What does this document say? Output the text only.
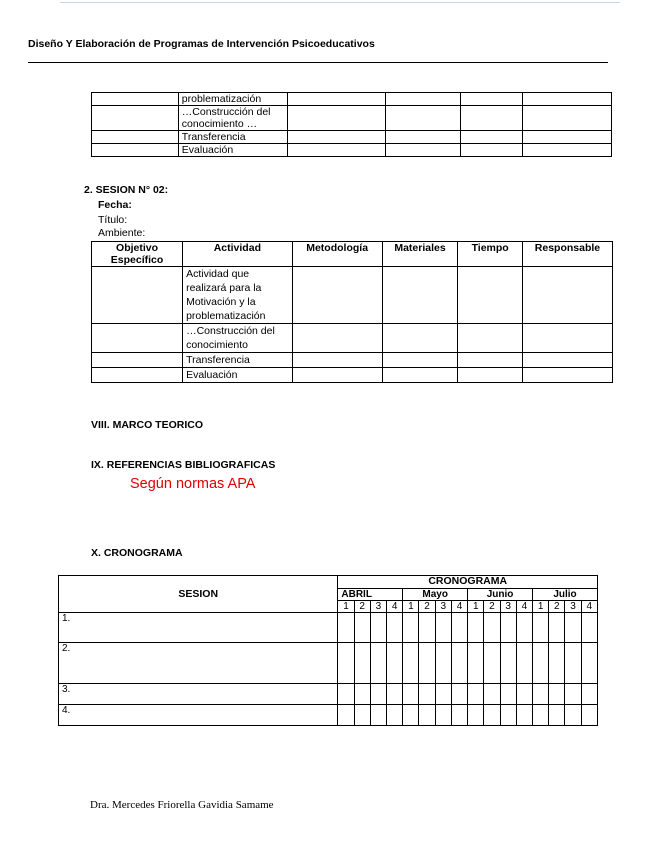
Diseño Y Elaboración de Programas de Intervención Psicoeducativos
	problematización				
	…Construcción del conocimiento …				
	Transferencia				
	Evaluación				
2. SESION N° 02:
Fecha:
Título:
Ambiente:
Objetivo Específico	Actividad	Metodología	Materiales	Tiempo	Responsable
	Actividad que realizará para la Motivación y la problematización				
	…Construcción del conocimiento				
	Transferencia				
	Evaluación				
VIII. MARCO TEORICO
IX. REFERENCIAS BIBLIOGRAFICAS
Según normas APA
X. CRONOGRAMA
SESION	CRONOGRAMA															
	ABRIL				Mayo				Junio				Julio			
	1	2	3	4	1	2	3	4	1	2	3	4	1	2	3	4
1.																
2.																
3.																
4.																
Dra. Mercedes Friorella Gavidia Samame
